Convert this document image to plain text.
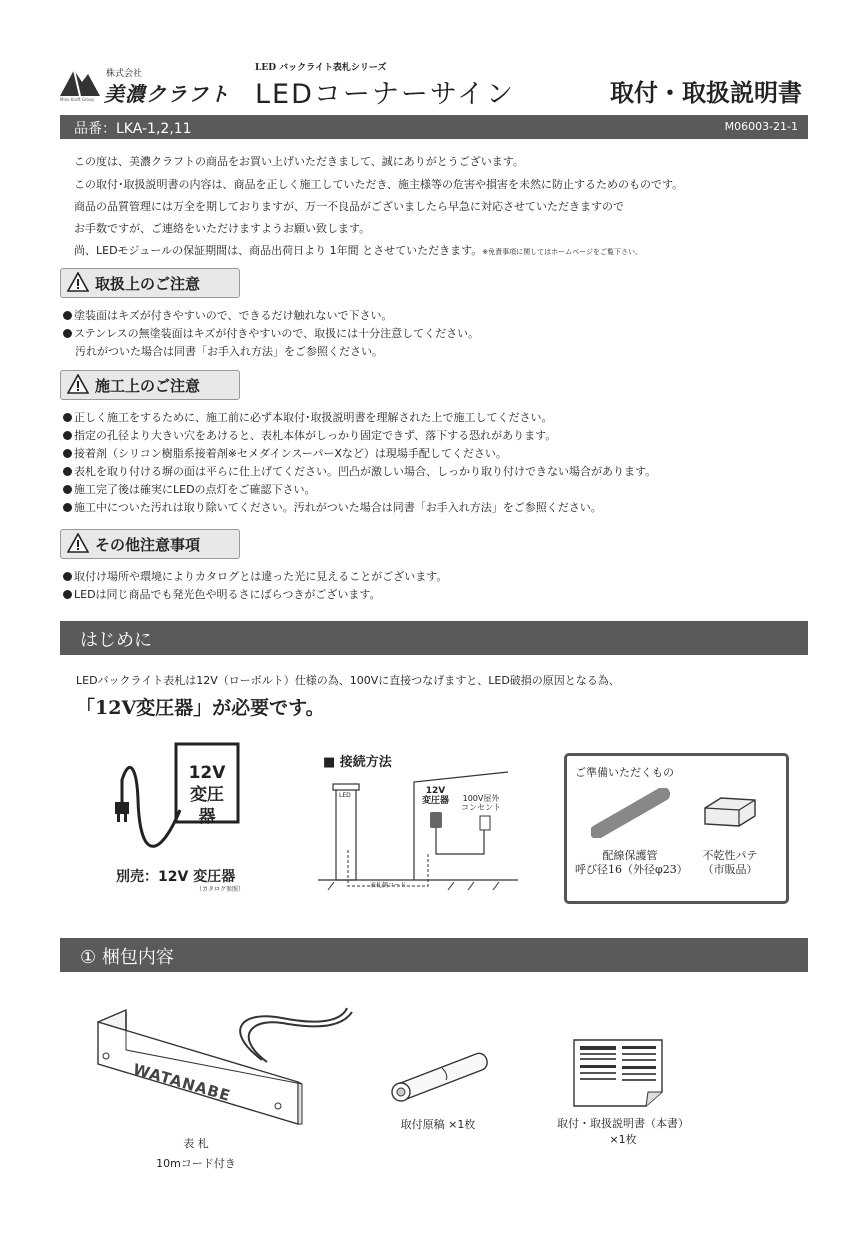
株式会社
美濃クラフト
Mino Kraft Group
LED バックライト表札シリーズ
LEDコーナーサイン	取付・取扱説明書
品番：LKA-1,2,11	M06003-21-1

この度は、美濃クラフトの商品をお買い上げいただきまして、誠にありがとうございます。

この取付･取扱説明書の内容は、商品を正しく施工していただき、施主様等の危害や損害を未然に防止するためのものです。

商品の品質管理には万全を期しておりますが、万一不良品がございましたら早急に対応させていただきますので

お手数ですが、ご連絡をいただけますようお願い致します。

尚、LEDモジュールの保証期間は、商品出荷日より 1年間 とさせていただきます。※免責事項に関してはホームページをご覧下さい。

取扱上のご注意
塗装面はキズが付きやすいので、できるだけ触れないで下さい。
ステンレスの無塗装面はキズが付きやすいので、取扱には十分注意してください。
汚れがついた場合は同書「お手入れ方法」をご参照ください。
施工上のご注意
正しく施工をするために、施工前に必ず本取付･取扱説明書を理解された上で施工してください。
指定の孔径より大きい穴をあけると、表札本体がしっかり固定できず、落下する恐れがあります。
接着剤（シリコン樹脂系接着剤※セメダインスーパーXなど）は現場手配してください。
表札を取り付ける塀の面は平らに仕上げてください。凹凸が激しい場合、しっかり取り付けできない場合があります。
施工完了後は確実にLEDの点灯をご確認下さい。
施工中についた汚れは取り除いてください。汚れがついた場合は同書「お手入れ方法」をご参照ください。
その他注意事項
取付け場所や環境によりカタログとは違った光に見えることがございます。
LEDは同じ商品でも発光色や明るさにばらつきがございます。
はじめに
LEDバックライト表札は12V（ローボルト）仕様の為、100Vに直接つなげますと、LED破損の原因となる為、
「12V変圧器」が必要です。
12V
変圧器
別売：12V 変圧器
（カタログ参照）
■ 接続方法
LED	12V
変圧器 100V屋外
コンセント
表札側コード
ご準備いただくもの
配線保護管
呼び径16（外径φ23）
不乾性パテ
（市販品）
① 梱包内容
WATANABE
表 札
10mコード付き
取付原稿 ×1枚	取付・取扱説明書（本書）
×1枚
